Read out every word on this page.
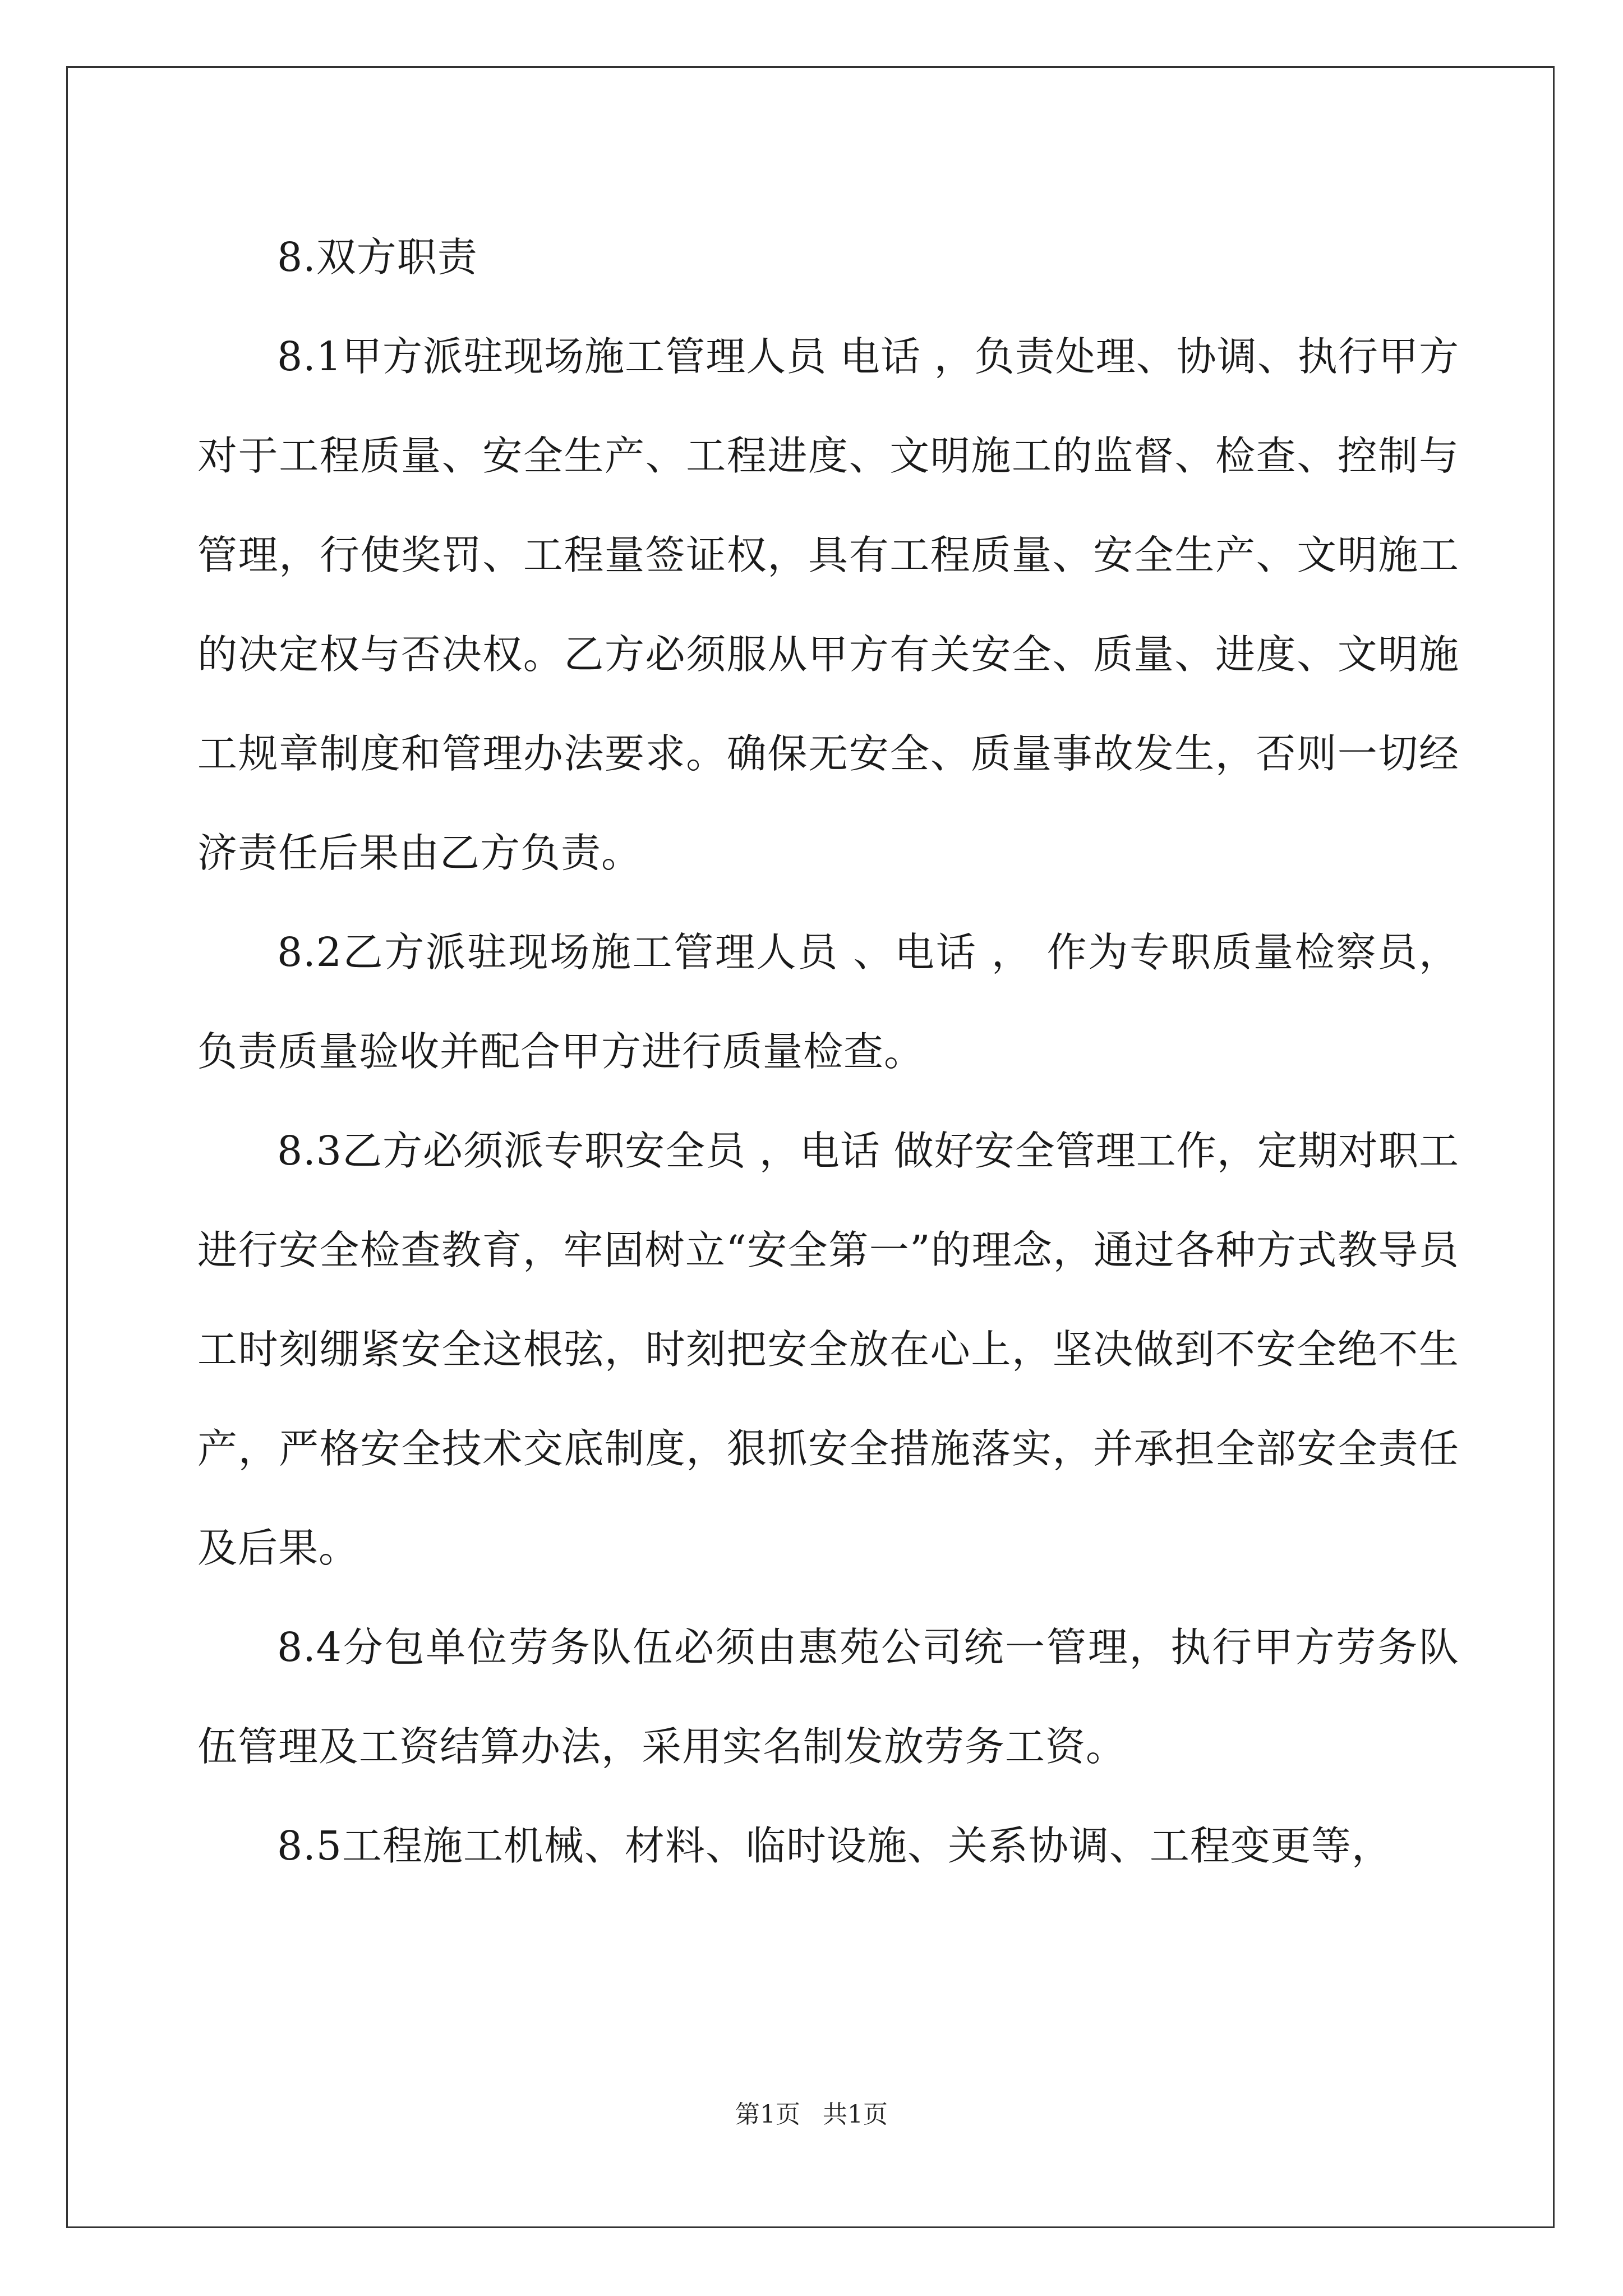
8.双方职责

8.1甲方派驻现场施工管理人员 电话 ，负责处理、协调、执行甲方对于工程质量、安全生产、工程进度、文明施工的监督、检查、控制与管理，行使奖罚、工程量签证权，具有工程质量、安全生产、文明施工的决定权与否决权。乙方必须服从甲方有关安全、质量、进度、文明施工规章制度和管理办法要求。确保无安全、质量事故发生，否则一切经济责任后果由乙方负责。

8.2乙方派驻现场施工管理人员 、电话 ， 作为专职质量检察员，负责质量验收并配合甲方进行质量检查。

8.3乙方必须派专职安全员 ，电话 做好安全管理工作，定期对职工进行安全检查教育，牢固树立“安全第一”的理念，通过各种方式教导员工时刻绷紧安全这根弦，时刻把安全放在心上，坚决做到不安全绝不生产，严格安全技术交底制度，狠抓安全措施落实，并承担全部安全责任及后果。

8.4分包单位劳务队伍必须由惠苑公司统一管理，执行甲方劳务队伍管理及工资结算办法，采用实名制发放劳务工资。

8.5工程施工机械、材料、临时设施、关系协调、工程变更等，

第1页 共1页
